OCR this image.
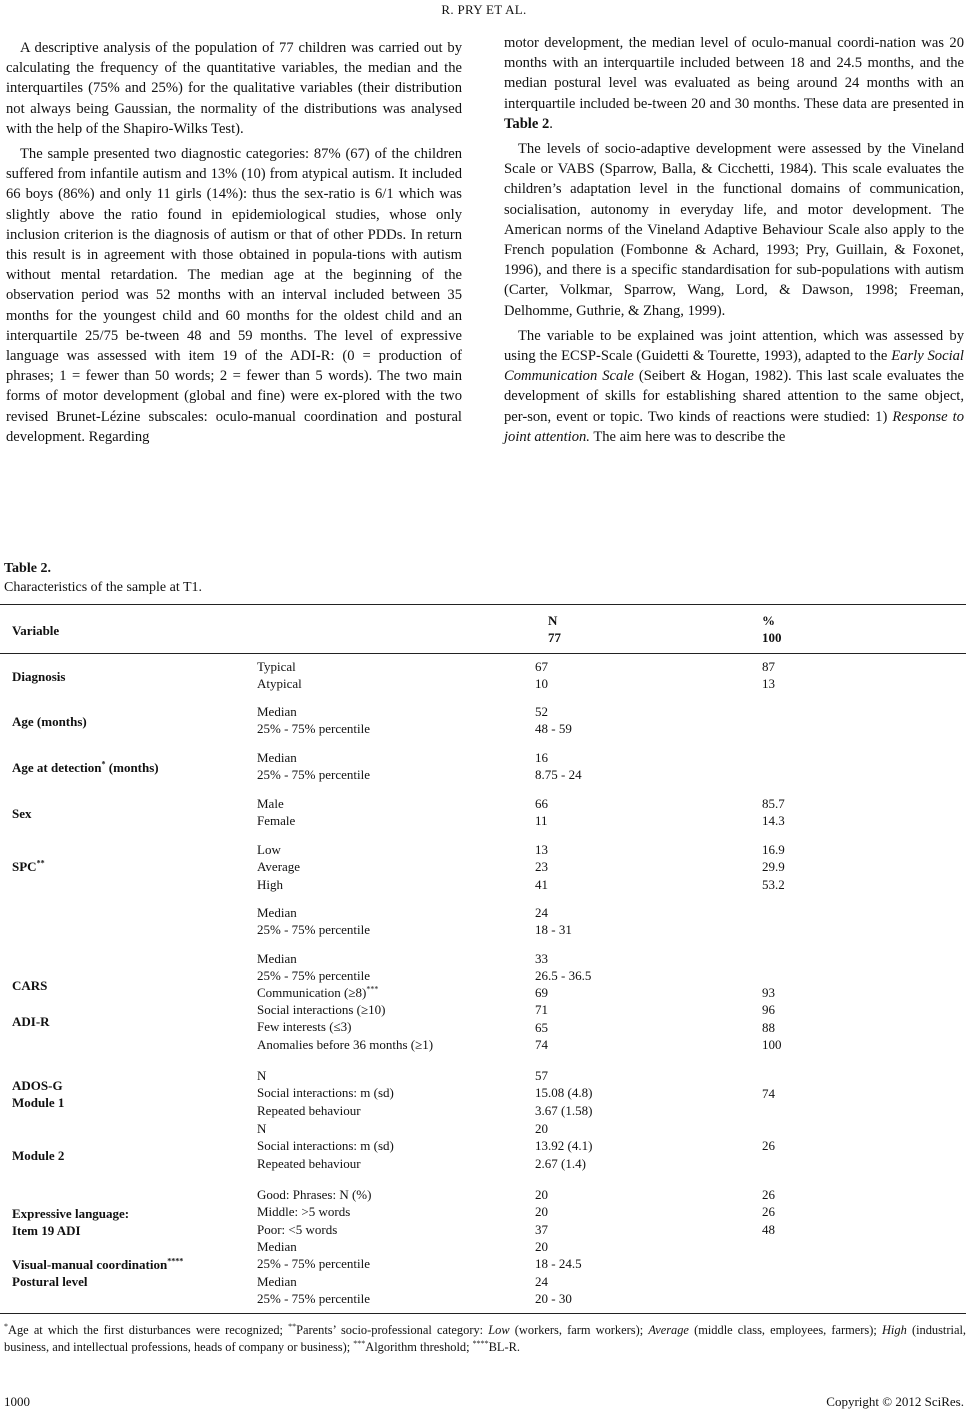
R. PRY ET AL.

A descriptive analysis of the population of 77 children was carried out by calculating the frequency of the quantitative variables, the median and the interquartiles (75% and 25%) for the qualitative variables (their distribution not always being Gaussian, the normality of the distributions was analysed with the help of the Shapiro-Wilks Test).

The sample presented two diagnostic categories: 87% (67) of the children suffered from infantile autism and 13% (10) from atypical autism. It included 66 boys (86%) and only 11 girls (14%): thus the sex-ratio is 6/1 which was slightly above the ratio found in epidemiological studies, whose only inclusion criterion is the diagnosis of autism or that of other PDDs. In return this result is in agreement with those obtained in popula-tions with autism without mental retardation. The median age at the beginning of the observation period was 52 months with an interval included between 35 months for the youngest child and 60 months for the oldest child and an interquartile 25/75 be-tween 48 and 59 months. The level of expressive language was assessed with item 19 of the ADI-R: (0 = production of phrases; 1 = fewer than 50 words; 2 = fewer than 5 words). The two main forms of motor development (global and fine) were ex-plored with the two revised Brunet-Lézine subscales: oculo-manual coordination and postural development. Regarding

motor development, the median level of oculo-manual coordi-nation was 20 months with an interquartile included between 18 and 24.5 months, and the median postural level was evaluated as being around 24 months with an interquartile included be-tween 20 and 30 months. These data are presented in Table 2.

The levels of socio-adaptive development were assessed by the Vineland Scale or VABS (Sparrow, Balla, & Cicchetti, 1984). This scale evaluates the children’s adaptation level in the functional domains of communication, socialisation, autonomy in everyday life, and motor development. The American norms of the Vineland Adaptive Behaviour Scale also apply to the French population (Fombonne & Achard, 1993; Pry, Guillain, & Foxonet, 1996), and there is a specific standardisation for sub-populations with autism (Carter, Volkmar, Sparrow, Wang, Lord, & Dawson, 1998; Freeman, Delhomme, Guthrie, & Zhang, 1999).

The variable to be explained was joint attention, which was assessed by using the ECSP-Scale (Guidetti & Tourette, 1993), adapted to the Early Social Communication Scale (Seibert & Hogan, 1982). This last scale evaluates the development of skills for establishing shared attention to the same object, per-son, event or topic. Two kinds of reactions were studied: 1) Response to joint attention. The aim here was to describe the

Table 2.
Characteristics of the sample at T1.
Variable
N
77
%
100
Diagnosis
Typical
Atypical
67
10
87
13
Age (months)
Median
25% - 75% percentile
52
48 - 59
Age at detection* (months)
Median
25% - 75% percentile
16
8.75 - 24
Sex
Male
Female
66
11
85.7
14.3
SPC**
Low
Average
High
13
23
41
16.9
29.9
53.2
Median
25% - 75% percentile
24
18 - 31
CARS
Median
25% - 75% percentile
33
26.5 - 36.5
ADI-R
Communication (≥8)***
Social interactions (≥10)
Few interests (≤3)
Anomalies before 36 months (≥1)
69
71
65
74
93
96
88
100
ADOS-G
Module 1
N
Social interactions: m (sd)
Repeated behaviour
57
15.08 (4.8)
3.67 (1.58)
74
Module 2
N
Social interactions: m (sd)
Repeated behaviour
20
13.92 (4.1)
2.67 (1.4)
26
Expressive language:
Item 19 ADI
Good: Phrases: N (%)
Middle: >5 words
Poor: <5 words
20
20
37
26
26
48
Visual-manual coordination****
Postural level
Median
25% - 75% percentile
Median
25% - 75% percentile
20
18 - 24.5
24
20 - 30
*Age at which the first disturbances were recognized; **Parents’ socio-professional category: Low (workers, farm workers); Average (middle class, employees, farmers); High (industrial, business, and intellectual professions, heads of company or business); ***Algorithm threshold; ****BL-R.
1000	Copyright © 2012 SciRes.
